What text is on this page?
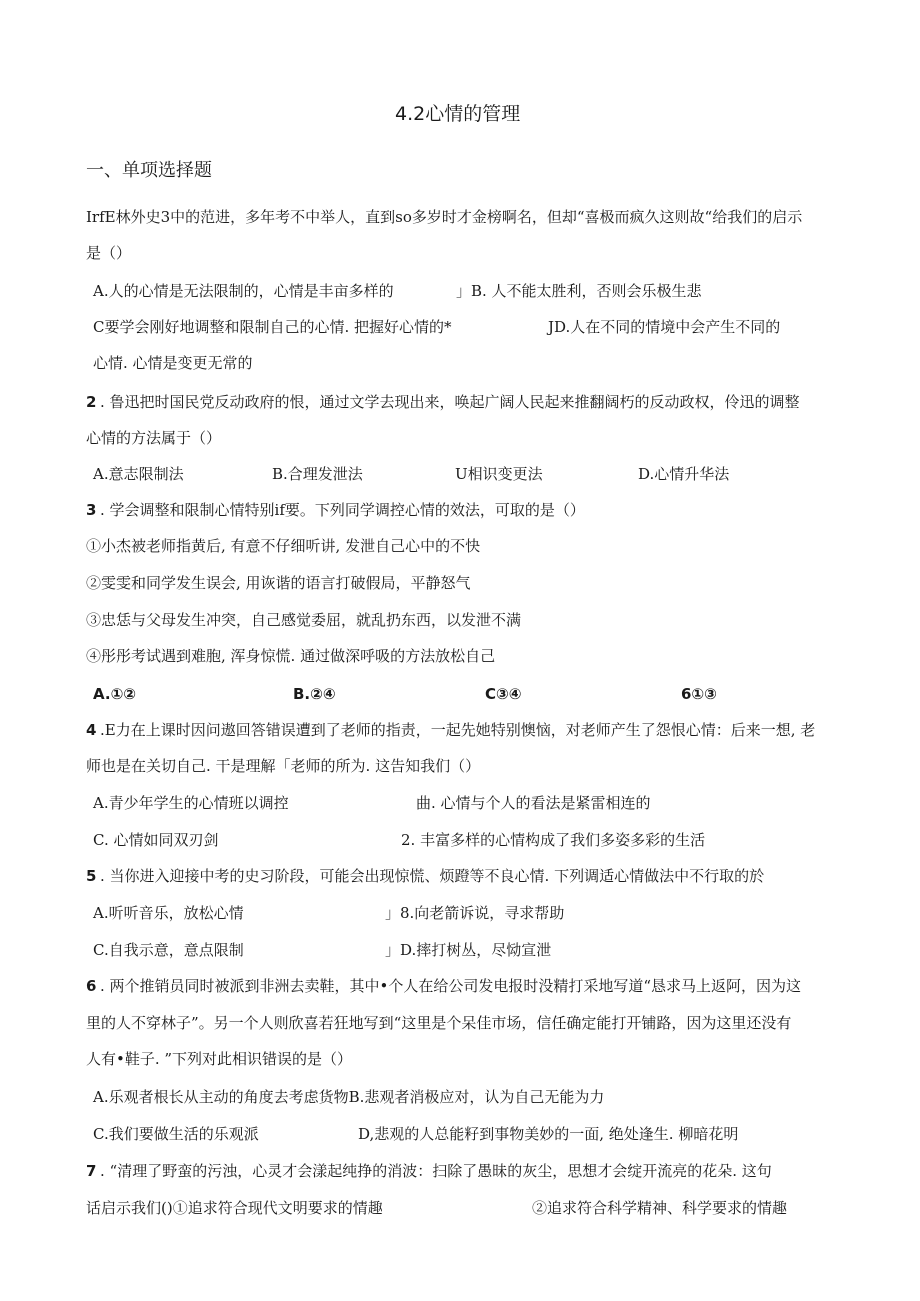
4.2心情的管理
一、单项选择题
IrfE林外史3中的范进，多年考不中举人，直到so多岁时才金榜啊名，但却“喜极而疯久这则故“给我们的启示
是（）
A.人的心情是无法限制的，心情是丰亩多样的	」 B. 人不能太胜利，否则会乐极生悲
C要学会刚好地调整和限制自己的心情. 把握好心情的*	JD.人在不同的情境中会产生不同的
心情. 心情是变更无常的
2 . 鲁迅把时国民党反动政府的恨，通过文学去现出来，唤起广阔人民起来推翻阔朽的反动政权，伶迅的调整
心情的方法属于（）
A.意志限制法	B.合理发泄法	U相识变更法	D.心情升华法
3 . 学会调整和限制心情特别if要。下列同学调控心情的效法，可取的是（）
①小杰被老师指黄后, 有意不仔细听讲, 发泄自己心中的不快
②雯雯和同学发生误会, 用诙谐的语言打破假局，平静怒气
③忠恁与父母发生冲突，自己感觉委屈，就乱扔东西，以发泄不满
④彤彤考试遇到难胞, 浑身惊慌. 通过做深呼吸的方法放松自己
A.①②	B.②④	C③④	6①③
4 .E力在上课时因问遨回答错误遭到了老师的指责，一起先她特别懊恼，对老师产生了怨恨心情：后来一想, 老
师也是在关切自己. 干是理解「老师的所为. 这告知我们（）
A.青少年学生的心情班以调控	曲. 心情与个人的看法是紧雷相连的
C. 心情如同双刃剑	2. 丰富多样的心情构成了我们多姿多彩的生活
5 . 当你进入迎接中考的史习阶段，可能会出现惊慌、烦蹬等不良心情. 下列调适心情做法中不行取的於
A.听听音乐，放松心情	」8.向老箭诉说，寻求帮助
C.自我示意，意点限制	」D.摔打树丛，尽恸宣泄
6 . 两个推销员同时被派到非洲去卖鞋，其中•个人在给公司发电报时没精打采地写道“恳求马上返阿，因为这
里的人不穿林子”。另一个人则欣喜若狂地写到“这里是个呆佳市场，信任确定能打开铺路，因为这里还没有
人有•鞋子. ”下列对此相识错误的是（）
A.乐观者根长从主动的角度去考虑货物B.悲观者消极应对，认为自己无能为力
C.我们要做生活的乐观派	D,悲观的人总能籽到事物美妙的一面, 绝处逢生. 柳暗花明
7 . “清理了野蛮的污浊，心灵才会漾起纯挣的消波：扫除了愚昧的灰尘，思想才会绽开流亮的花朵. 这句
话启示我们()①追求符合现代文明要求的情趣	②追求符合科学精神、科学要求的情趣
